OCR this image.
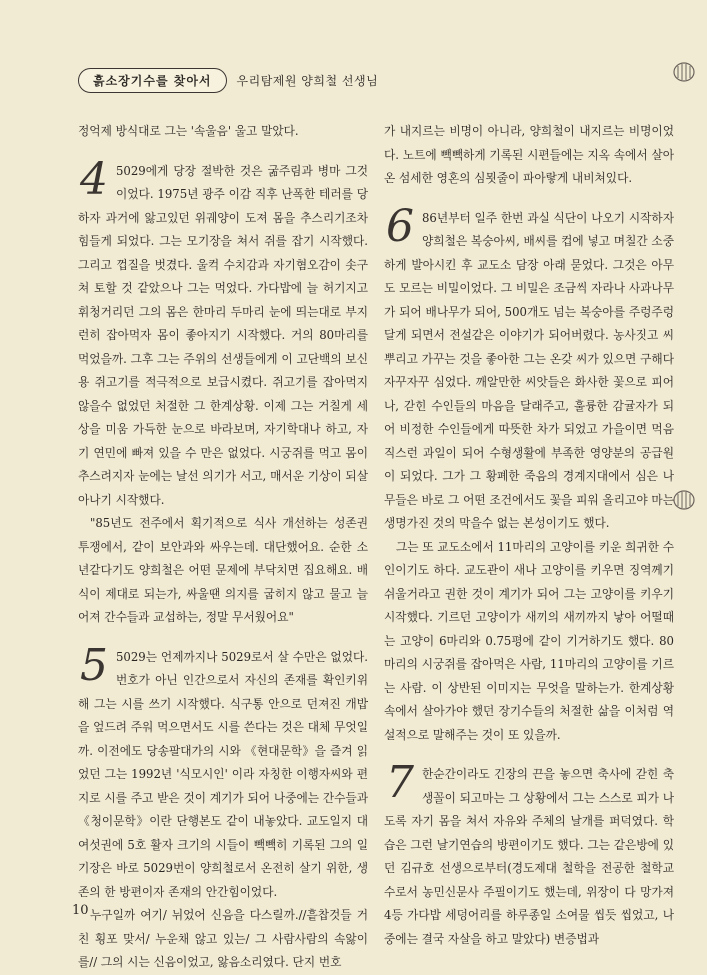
흙소장기수를 찾아서	우리탐제원 양희철 선생님

정억제 방식대로 그는 '속울음' 울고 말았다.

4 5029에게 당장 절박한 것은 굶주림과 병마 그것이었다. 1975년 광주 이감 직후 난폭한 테러를 당하자 과거에 앓고있던 위궤양이 도져 몸을 추스리기조차 힘들게 되었다. 그는 모기장을 쳐서 쥐를 잡기 시작했다. 그리고 껍질을 벗겼다. 울컥 수치감과 자기혐오감이 솟구쳐 토할 것 같았으나 그는 먹었다. 가다밥에 늘 허기지고 휘청거리던 그의 몸은 한마리 두마리 눈에 띄는대로 부지런히 잡아먹자 몸이 좋아지기 시작했다. 거의 80마리를 먹었을까. 그후 그는 주위의 선생들에게 이 고단백의 보신용 쥐고기를 적극적으로 보급시켰다. 쥐고기를 잡아먹지 않을수 없었던 처절한 그 한계상황. 이제 그는 거칠게 세상을 미움 가득한 눈으로 바라보며, 자기학대나 하고, 자기 연민에 빠져 있을 수 만은 없었다. 시궁쥐를 먹고 몸이 추스려지자 눈에는 날선 의기가 서고, 매서운 기상이 되살아나기 시작했다.

"85년도 전주에서 획기적으로 식사 개선하는 성존권 투쟁에서, 같이 보안과와 싸우는데. 대단했어요. 순한 소년같다기도 양희철은 어떤 문제에 부닥치면 집요해요. 배식이 제대로 되는가, 싸울땐 의지를 굽히지 않고 물고 늘어져 간수들과 교섭하는, 정말 무서웠어요"

5 5029는 언제까지나 5029로서 살 수만은 없었다. 번호가 아닌 인간으로서 자신의 존재를 확인키위해 그는 시를 쓰기 시작했다. 식구통 안으로 던져진 개밥을 엎드려 주워 먹으면서도 시를 쓴다는 것은 대체 무엇일까. 이전에도 당송팔대가의 시와 《현대문학》을 즐겨 읽었던 그는 1992년 '식모시인' 이라 자칭한 이행자씨와 편지로 시를 주고 받은 것이 계기가 되어 나중에는 간수들과 《청이문학》이란 단행본도 같이 내놓았다. 교도일지 대여섯권에 5호 활자 크기의 시들이 빽빽히 기록된 그의 일기장은 바로 5029번이 양희철로서 온전히 살기 위한, 생존의 한 방편이자 존재의 안간힘이었다.

누구일까 여기/ 뉘었어 신음을 다스릴까.//흩찹것들 거친 횡포 맞서/ 누운채 않고 있는/ 그 사람사람의 속앓이를// 그의 시는 신음이었고, 앓음소리였다. 단지 번호

가 내지르는 비명이 아니라, 양희철이 내지르는 비명이었다. 노트에 빽빽하게 기록된 시편들에는 지옥 속에서 살아온 섬세한 영혼의 심묏줄이 파아랗게 내비쳐있다.

6 86년부터 일주 한번 과실 식단이 나오기 시작하자 양희철은 복숭아씨, 배씨를 컵에 넣고 며칠간 소중하게 발아시킨 후 교도소 담장 아래 묻었다. 그것은 아무도 모르는 비밀이었다. 그 비밀은 조금씩 자라나 사과나무가 되어 배나무가 되어, 500개도 넘는 복숭아를 주렁주렁 달게 되면서 전설같은 이야기가 되어버렸다. 농사짓고 씨뿌리고 가꾸는 것을 좋아한 그는 온갖 씨가 있으면 구해다 자꾸자꾸 심었다. 깨알만한 씨앗들은 화사한 꽃으로 피어나, 갇힌 수인들의 마음을 달래주고, 훌륭한 감귤자가 되어 비정한 수인들에게 따뜻한 차가 되었고 가을이면 먹음직스런 과일이 되어 수형생활에 부족한 영양분의 공급원이 되었다. 그가 그 황폐한 죽음의 경계지대에서 심은 나무들은 바로 그 어떤 조건에서도 꽃을 피워 올리고야 마는 생명가진 것의 막을수 없는 본성이기도 했다.

그는 또 교도소에서 11마리의 고양이를 키운 희귀한 수인이기도 하다. 교도관이 새나 고양이를 키우면 징역께기 쉬울거라고 권한 것이 계기가 되어 그는 고양이를 키우기 시작했다. 기르던 고양이가 새끼의 새끼까지 낳아 어떨때는 고양이 6마리와 0.75평에 같이 기거하기도 했다. 80마리의 시궁쥐를 잡아먹은 사람, 11마리의 고양이를 기르는 사람. 이 상반된 이미지는 무엇을 말하는가. 한계상황 속에서 살아가야 했던 장기수들의 처절한 삶을 이처럼 역설적으로 말해주는 것이 또 있을까.

7 한순간이라도 긴장의 끈을 놓으면 축사에 갇힌 축생꼴이 되고마는 그 상황에서 그는 스스로 피가 나도록 자기 몸을 쳐서 자유와 주체의 날개를 퍼덕였다. 학습은 그런 날기연습의 방편이기도 했다. 그는 같은방에 있던 김규호 선생으로부터(경도제대 철학을 전공한 철학교수로서 농민신문사 주필이기도 했는데, 위장이 다 망가져 4등 가다밥 세덩어리를 하루종일 소여물 씹듯 씹었고, 나중에는 결국 자살을 하고 말았다) 변증법과

10
